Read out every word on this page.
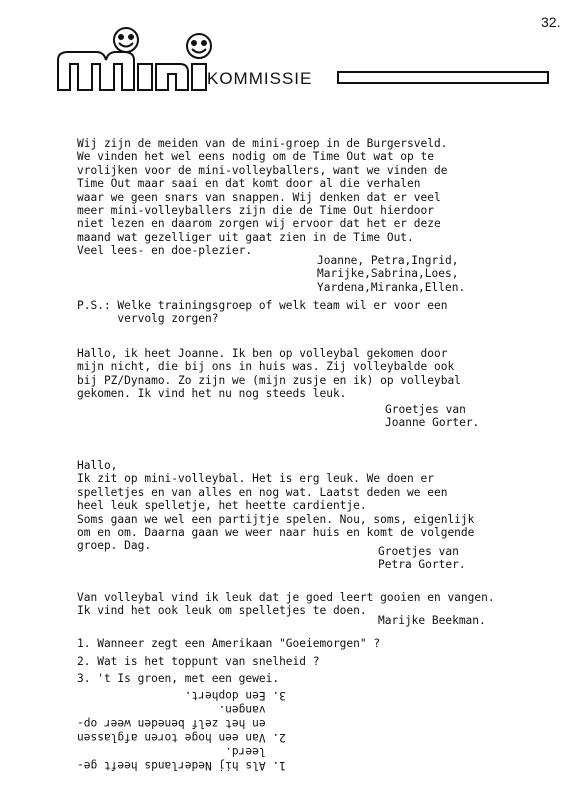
32.
KOMMISSIE
Wij zijn de meiden van de mini-groep in de Burgersveld.
We vinden het wel eens nodig om de Time Out wat op te
vrolijken voor de mini-volleyballers, want we vinden de
Time Out maar saai en dat komt door al die verhalen
waar we geen snars van snappen. Wij denken dat er veel
meer mini-volleyballers zijn die de Time Out hierdoor
niet lezen en daarom zorgen wij ervoor dat het er deze
maand wat gezelliger uit gaat zien in de Time Out.
Veel lees- en doe-plezier.
Joanne, Petra,Ingrid,
Marijke,Sabrina,Loes,
Yardena,Miranka,Ellen.
P.S.: Welke trainingsgroep of welk team wil er voor een
vervolg zorgen?
Hallo, ik heet Joanne. Ik ben op volleybal gekomen door
mijn nicht, die bij ons in huis was. Zij volleybalde ook
bij PZ/Dynamo. Zo zijn we (mijn zusje en ik) op volleybal
gekomen. Ik vind het nu nog steeds leuk.
Groetjes van
Joanne Gorter.
Hallo,
Ik zit op mini-volleybal. Het is erg leuk. We doen er
spelletjes en van alles en nog wat. Laatst deden we een
heel leuk spelletje, het heette cardientje.
Soms gaan we wel een partijtje spelen. Nou, soms, eigenlijk
om en om. Daarna gaan we weer naar huis en komt de volgende
groep. Dag.	Groetjes van
Petra Gorter.
Van volleybal vind ik leuk dat je goed leert gooien en vangen.
Ik vind het ook leuk om spelletjes te doen.
Marijke Beekman.
1. Wanneer zegt een Amerikaan "Goeiemorgen" ?
2. Wat is het toppunt van snelheid ?
3. 't Is groen, met een gewei.
1. Als hij Nederlands heeft ge-
leerd.
2. Van een hoge toren afglassen
en het zelf beneden weer op-
vangen.
3. Een dophert.
